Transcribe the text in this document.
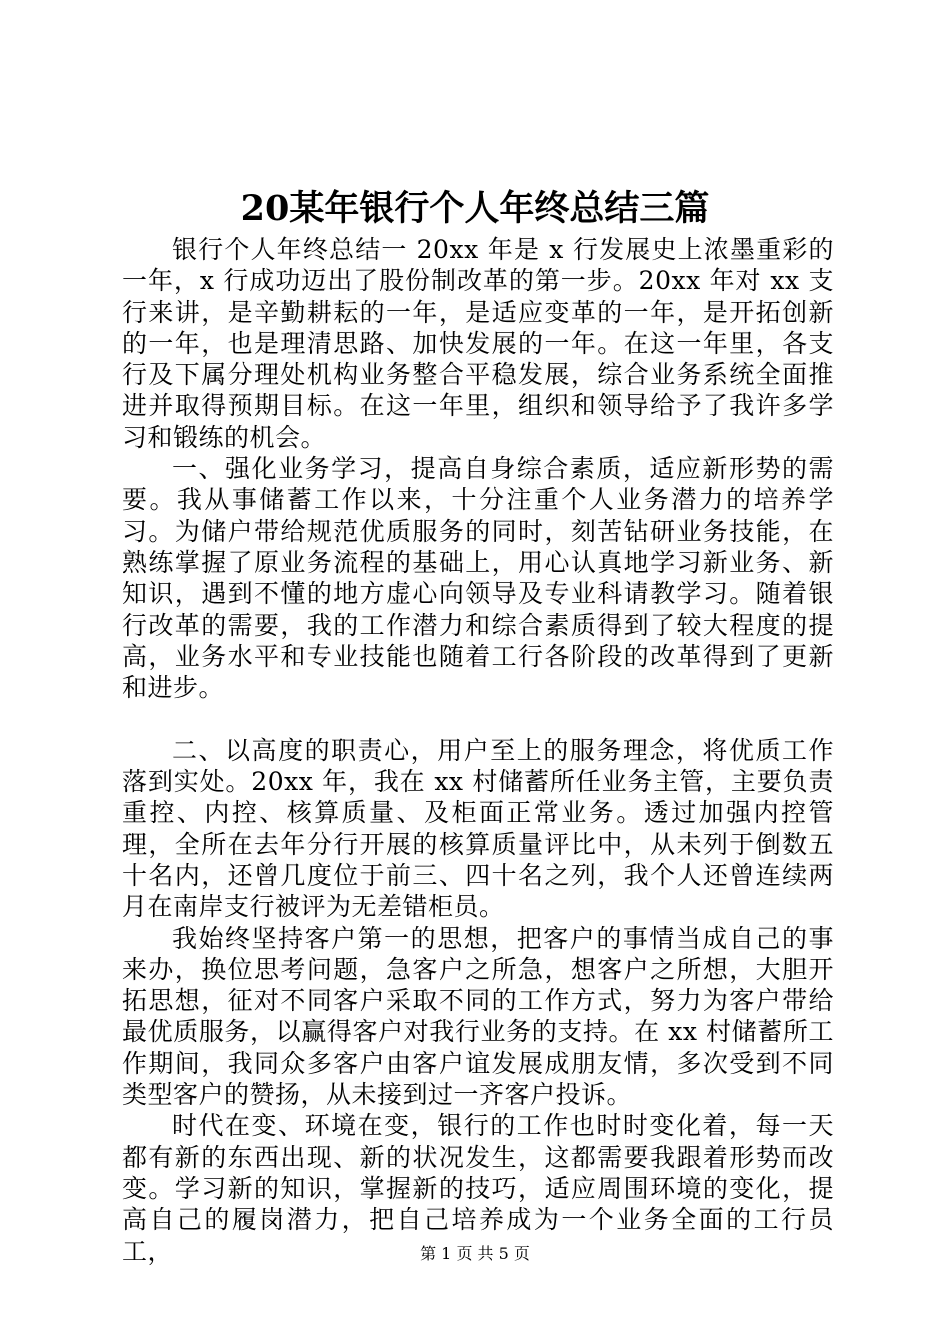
20某年银行个人年终总结三篇

银行个人年终总结一 20xx 年是 x 行发展史上浓墨重彩的一年，x 行成功迈出了股份制改革的第一步。20xx 年对 xx 支行来讲，是辛勤耕耘的一年，是适应变革的一年，是开拓创新的一年，也是理清思路、加快发展的一年。在这一年里，各支行及下属分理处机构业务整合平稳发展，综合业务系统全面推进并取得预期目标。在这一年里，组织和领导给予了我许多学习和锻练的机会。

一、强化业务学习，提高自身综合素质，适应新形势的需要。我从事储蓄工作以来，十分注重个人业务潜力的培养学习。为储户带给规范优质服务的同时，刻苦钻研业务技能，在熟练掌握了原业务流程的基础上，用心认真地学习新业务、新知识，遇到不懂的地方虚心向领导及专业科请教学习。随着银行改革的需要，我的工作潜力和综合素质得到了较大程度的提高，业务水平和专业技能也随着工行各阶段的改革得到了更新和进步。

二、以高度的职责心，用户至上的服务理念，将优质工作落到实处。20xx 年，我在 xx 村储蓄所任业务主管，主要负责重控、内控、核算质量、及柜面正常业务。透过加强内控管理，全所在去年分行开展的核算质量评比中，从未列于倒数五十名内，还曾几度位于前三、四十名之列，我个人还曾连续两月在南岸支行被评为无差错柜员。

我始终坚持客户第一的思想，把客户的事情当成自己的事来办，换位思考问题，急客户之所急，想客户之所想，大胆开拓思想，征对不同客户采取不同的工作方式，努力为客户带给最优质服务，以赢得客户对我行业务的支持。在 xx 村储蓄所工作期间，我同众多客户由客户谊发展成朋友情，多次受到不同类型客户的赞扬，从未接到过一齐客户投诉。

时代在变、环境在变，银行的工作也时时变化着，每一天都有新的东西出现、新的状况发生，这都需要我跟着形势而改变。学习新的知识，掌握新的技巧，适应周围环境的变化，提高自己的履岗潜力，把自己培养成为一个业务全面的工行员工，	第 1 页 共 5 页
